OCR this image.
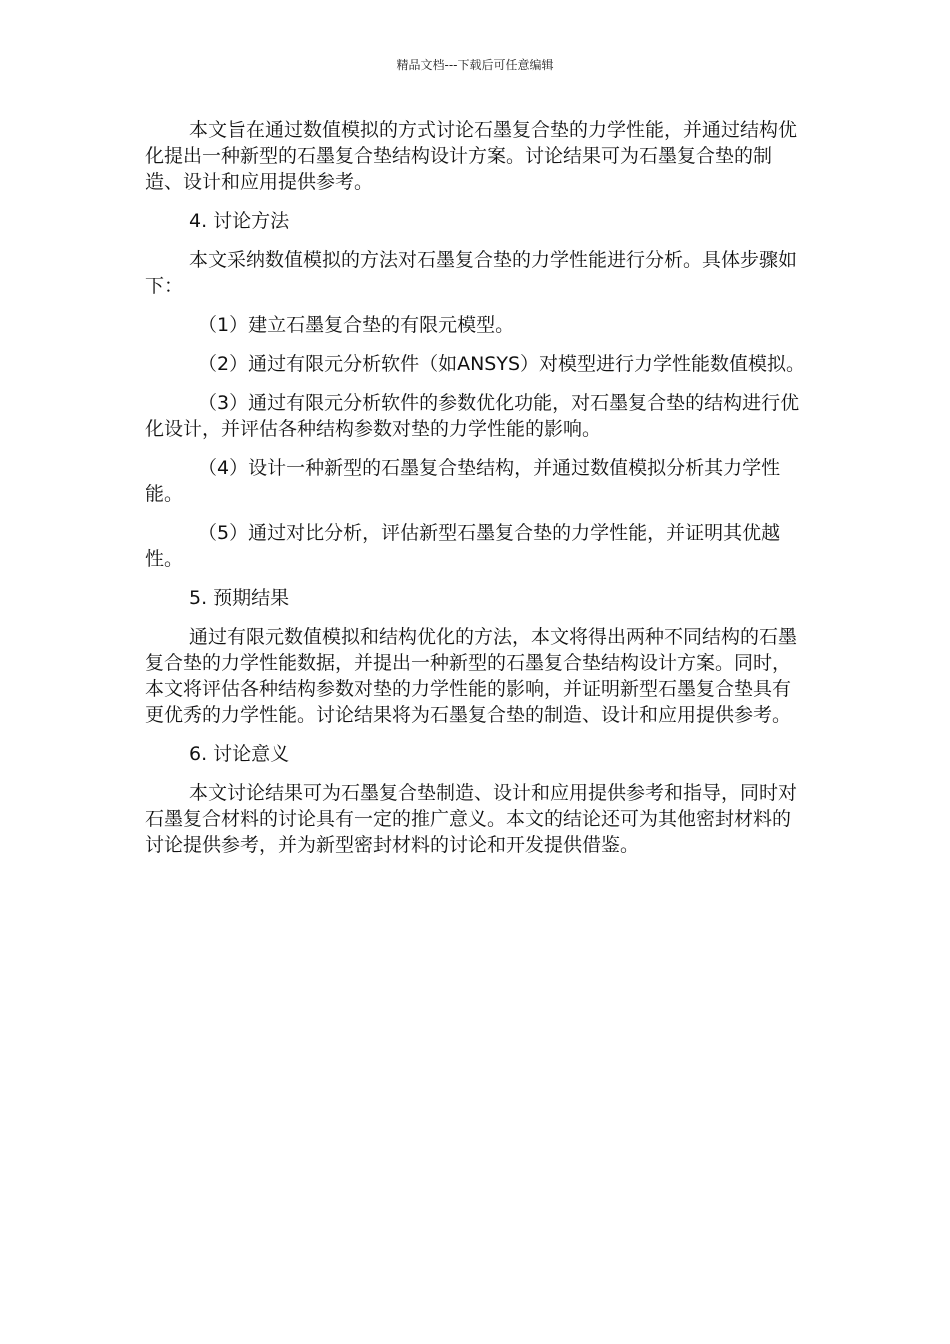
精品文档---下载后可任意编辑

本文旨在通过数值模拟的方式讨论石墨复合垫的力学性能，并通过结构优化提出一种新型的石墨复合垫结构设计方案。讨论结果可为石墨复合垫的制造、设计和应用提供参考。

4. 讨论方法

本文采纳数值模拟的方法对石墨复合垫的力学性能进行分析。具体步骤如下：

（1）建立石墨复合垫的有限元模型。

（2）通过有限元分析软件（如ANSYS）对模型进行力学性能数值模拟。

（3）通过有限元分析软件的参数优化功能，对石墨复合垫的结构进行优化设计，并评估各种结构参数对垫的力学性能的影响。

（4）设计一种新型的石墨复合垫结构，并通过数值模拟分析其力学性能。

（5）通过对比分析，评估新型石墨复合垫的力学性能，并证明其优越性。

5. 预期结果

通过有限元数值模拟和结构优化的方法，本文将得出两种不同结构的石墨复合垫的力学性能数据，并提出一种新型的石墨复合垫结构设计方案。同时，本文将评估各种结构参数对垫的力学性能的影响，并证明新型石墨复合垫具有更优秀的力学性能。讨论结果将为石墨复合垫的制造、设计和应用提供参考。

6. 讨论意义

本文讨论结果可为石墨复合垫制造、设计和应用提供参考和指导，同时对石墨复合材料的讨论具有一定的推广意义。本文的结论还可为其他密封材料的讨论提供参考，并为新型密封材料的讨论和开发提供借鉴。
